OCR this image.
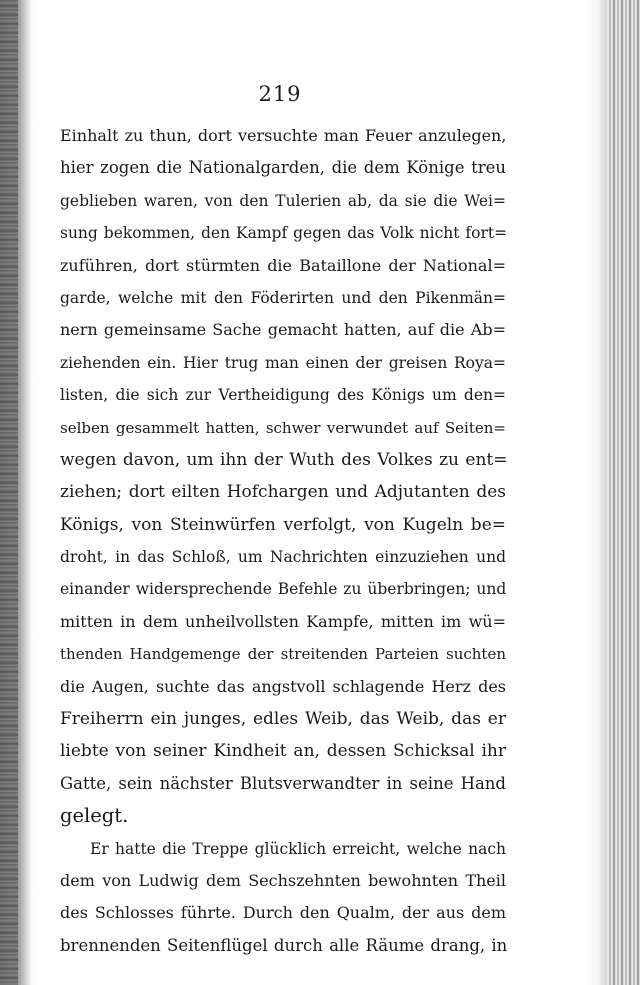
219
Einhalt zu thun, dort versuchte man Feuer anzulegen,
hier zogen die Nationalgarden, die dem Könige treu
geblieben waren, von den Tulerien ab, da sie die Wei=
sung bekommen, den Kampf gegen das Volk nicht fort=
zuführen, dort stürmten die Bataillone der National=
garde, welche mit den Föderirten und den Pikenmän=
nern gemeinsame Sache gemacht hatten, auf die Ab=
ziehenden ein. Hier trug man einen der greisen Roya=
listen, die sich zur Vertheidigung des Königs um den=
selben gesammelt hatten, schwer verwundet auf Seiten=
wegen davon, um ihn der Wuth des Volkes zu ent=
ziehen; dort eilten Hofchargen und Adjutanten des
Königs, von Steinwürfen verfolgt, von Kugeln be=
droht, in das Schloß, um Nachrichten einzuziehen und
einander widersprechende Befehle zu überbringen; und
mitten in dem unheilvollsten Kampfe, mitten im wü=
thenden Handgemenge der streitenden Parteien suchten
die Augen, suchte das angstvoll schlagende Herz des
Freiherrn ein junges, edles Weib, das Weib, das er
liebte von seiner Kindheit an, dessen Schicksal ihr
Gatte, sein nächster Blutsverwandter in seine Hand
gelegt.
Er hatte die Treppe glücklich erreicht, welche nach
dem von Ludwig dem Sechszehnten bewohnten Theil
des Schlosses führte. Durch den Qualm, der aus dem
brennenden Seitenflügel durch alle Räume drang, in
